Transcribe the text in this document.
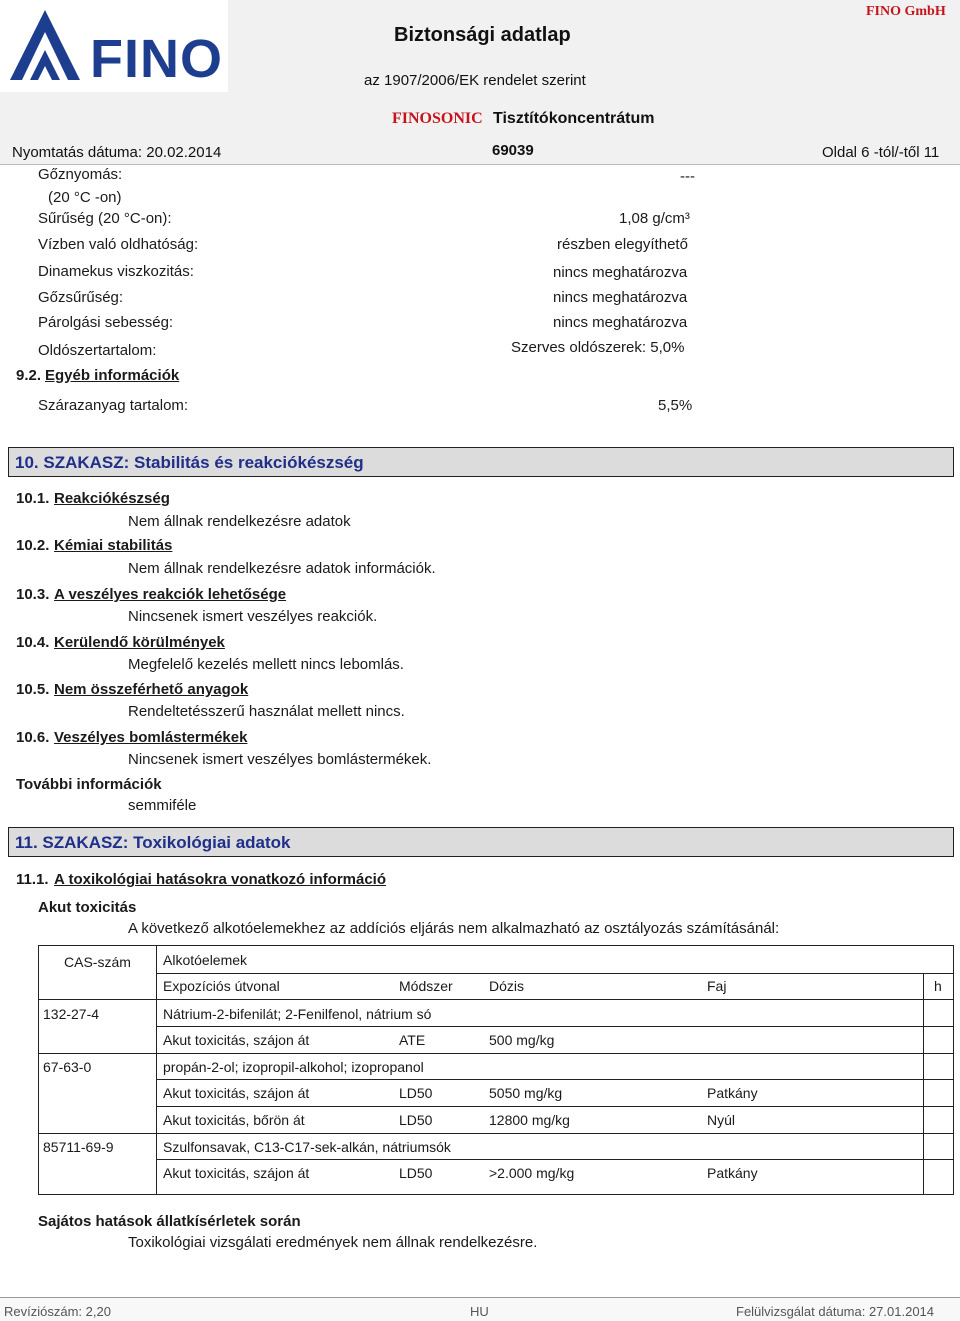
FINO	Biztonsági adatlap
az 1907/2006/EK rendelet szerint
FINO GmbH
FINOSONIC Tisztítókoncentrátum
Nyomtatás dátuma: 20.02.2014	69039	Oldal 6 -tól/-től 11
Gőznyomás:
(20 °C -on)
---
Sűrűség (20 °C-on):	1,08 g/cm³
Vízben való oldhatóság:	részben elegyíthető
Dinamekus viszkozitás:	nincs meghatározva
Gőzsűrűség:	nincs meghatározva
Párolgási sebesség:	nincs meghatározva
Oldószertartalom:	Szerves oldószerek: 5,0%
9.2. Egyéb információk
Szárazanyag tartalom:	5,5%
10. SZAKASZ: Stabilitás és reakciókészség
10.1. Reakciókészség
Nem állnak rendelkezésre adatok
10.2. Kémiai stabilitás
Nem állnak rendelkezésre adatok információk.
10.3. A veszélyes reakciók lehetősége
Nincsenek ismert veszélyes reakciók.
10.4. Kerülendő körülmények
Megfelelő kezelés mellett nincs lebomlás.
10.5. Nem összeférhető anyagok
Rendeltetésszerű használat mellett nincs.
10.6. Veszélyes bomlástermékek
Nincsenek ismert veszélyes bomlástermékek.
További információk
semmiféle
11. SZAKASZ: Toxikológiai adatok
11.1. A toxikológiai hatásokra vonatkozó információ
Akut toxicitás
A következő alkotóelemekhez az addíciós eljárás nem alkalmazható az osztályozás számításánál:
CAS-szám Alkotóelemek
Expozíciós útvonal	Módszer	Dózis	Faj	h
132-27-4	Nátrium-2-bifenilát; 2-Fenilfenol, nátrium só
Akut toxicitás, szájon át	ATE	500 mg/kg
67-63-0	propán-2-ol; izopropil-alkohol; izopropanol
Akut toxicitás, szájon át	LD50	5050 mg/kg	Patkány
Akut toxicitás, bőrön át	LD50	12800 mg/kg	Nyúl
85711-69-9	Szulfonsavak, C13-C17-sek-alkán, nátriumsók
Akut toxicitás, szájon át	LD50	>2.000 mg/kg	Patkány
Sajátos hatások állatkísérletek során
Toxikológiai vizsgálati eredmények nem állnak rendelkezésre.
Revíziószám: 2,20	HU	Felülvizsgálat dátuma: 27.01.2014
